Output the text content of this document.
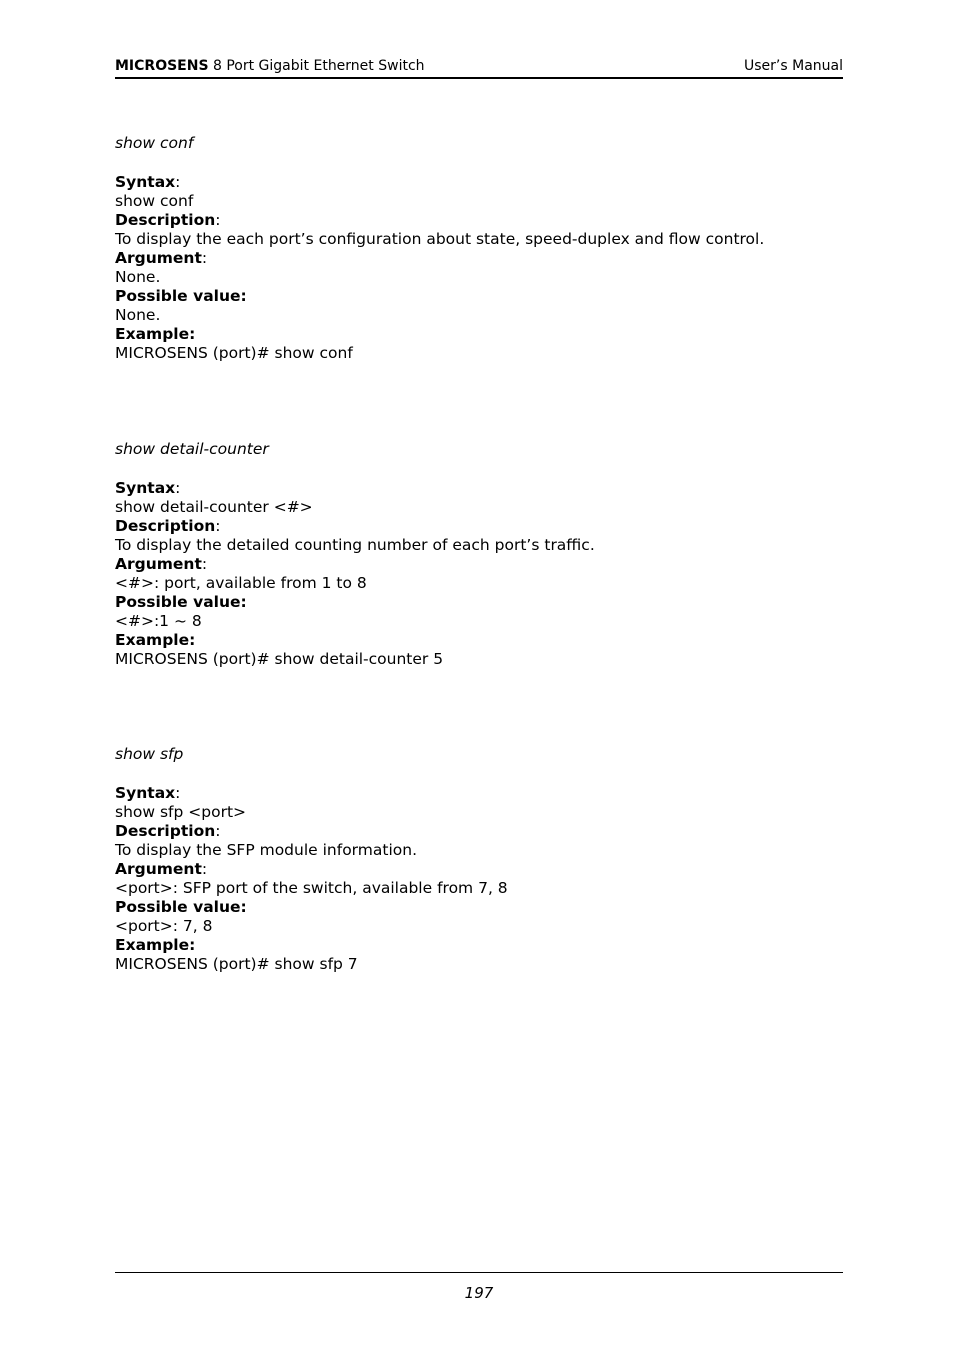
MICROSENS 8 Port Gigabit Ethernet Switch	User’s Manual
show conf
Syntax:
show conf
Description:
To display the each port’s configuration about state, speed-duplex and flow control.
Argument:
None.
Possible value:
None.
Example:
MICROSENS (port)# show conf
show detail-counter
Syntax:
show detail-counter <#>
Description:
To display the detailed counting number of each port’s traffic.
Argument:
<#>: port, available from 1 to 8
Possible value:
<#>:1 ~ 8
Example:
MICROSENS (port)# show detail-counter 5
show sfp
Syntax:
show sfp <port>
Description:
To display the SFP module information.
Argument:
<port>: SFP port of the switch, available from 7, 8
Possible value:
<port>: 7, 8
Example:
MICROSENS (port)# show sfp 7
197
